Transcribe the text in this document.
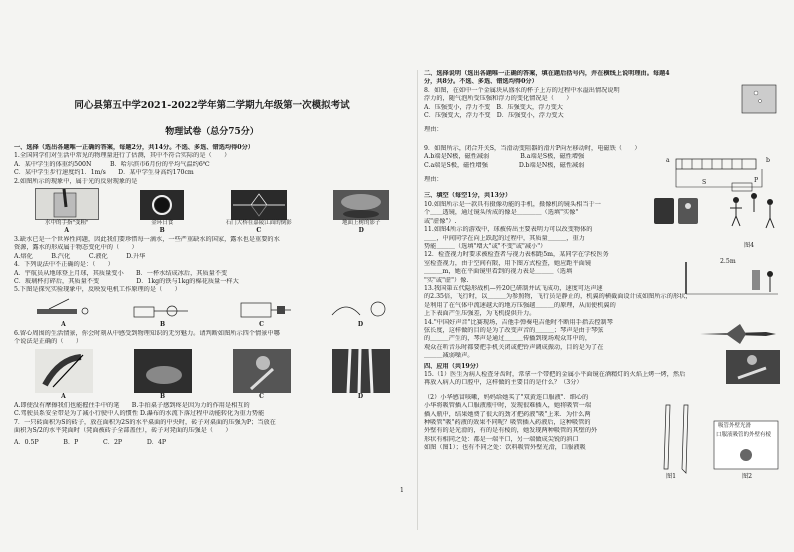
同心县第五中学2021-2022学年第二学期九年级第一次模拟考试
物理试卷（总分75分）
一、选择（选出各题唯一正确的答案，每题2分，共14分。不选、多选、错选均得0分）
1.全国同学们对生活中常见的物理量进行了估测，其中不符合实际的是（　　）
A．某中学生的体重约500N　　　B．哈尔滨市6月份的平均气温约6℃
C．某中学生步行速度约1．1m/s　　D．某中学生身高约170cm
2.如图所示的现象中，属于光的反射现象的是
水中的手指"变粗"
A
金环日食
B
石门大桥在嘉陵江面的倒影
C
地面上树的影子
D
3.缺水已是一个世界性问题，因此我们要珍惜每一滴水，一些严重缺水的国家，露水也是重要的水
资源，露水的形成属于物态变化中的（　　）
A.熔化　　　B.汽化　　　C.液化　　　D.升华
4．下列说法中不正确的是：（　　）
A．宇航员从地球登上月球，其质量变小　　B．一杯水结成冰后，其质量不变
C．玻璃杯打碎后，其质量不变　　　　　　D．1kg的铁与1kg的棉花质量一样大
5.下图是探究实验现象中，反映发电机工作原理的是（　　）
A	B	C	D
6.留心周围的生活情景，你会时刻从中感受到物理知识的无穷魅力。请判断如图所示四个情景中哪
个说法是正确的（　　）
A	B	C	D
A.即使没有摩擦我们也能握住手中的笔　　B.手拍桌子感到疼是因为力的作用是相互的
C.驾驶员系安全带是为了减小行驶中人的惯性 D.瀑布的水流下落过程中动能转化为重力势能
7．一只砖面积为S的砖子，放在面积为2S的水平桌面的中央时，砖子对桌面的压强为P；当放在
面积为S/2的水平凳面时（凳面被砖子全部盖住），砖子对凳面的压强是（　　）
A．0.5P　　　　B．P　　　　C．2P　　　　D．4P
1
二、选择说明（选出各题唯一正确的答案，填在题后括号内，并在横线上说明理由。每题4
分，共8分。不选、多选、错选均得0分）
8．如图，在如中一个金属块从盛水的杯子上方的过程中水溢出情况说明
浮力的，随气泡所受压强和浮力的变化情况是（　　）
A．压强变小，浮力不变　B．压强变大，浮力变大
C．压强变大，浮力不变　D．压强变小，浮力变大
理由：
9．如图所示，闭合开关S，当滑动变阻器的滑片P向左移动时，电磁铁（　　）
A.b端是N极，磁性减弱　　　　　B.a端是S极，磁性增强
C.a端是S极，磁性增强　　　　　D.b端是N极，磁性减弱
a	b
S	P
理由：
三、填空（每空1分，共13分）
10.如图所示是一款具有摄像功能的手机，摄像机的镜头相当于一
个＿＿透镜，通过镜头所成的像是＿＿＿＿（选填"实像"
或"虚像"）.
11.如图4所示的游戏中，球被传出主要表明力可以改变物体的
＿＿，中间同学在向上跃起的过程中，其质量＿＿＿，重力
势能＿＿＿（选填"增大"或"不变"或"减小"）	图4
12．检查视力时要求被检查者与视力表相距5m，某同学在学校医务
室检查视力，由于空间有限，用下图方式检查，她应距平面镜
＿＿＿m，她在平面镜里看到的视力表是＿＿＿（选填
"实"或"虚"）像.
2.5m
13.我国第五代隐形战机—歼20已研制并试飞成功，速度可达声速
的2.35倍，飞行时，以＿＿＿为参照物，飞行员是静止的，机翼的横截面设计成如图所示的形状，
是利用了在气体中流速越大的地方压强越＿＿＿的原理，从而使机翼的
上下表面产生压强差，为飞机提供升力。
14."中国好声音"比赛现场，吉他手弹奏电吉他时不断用手指去控制琴
弦长度，这样做的目的是为了改变声音的＿＿＿；琴声是由于琴弦
的＿＿＿产生的，琴声是通过＿＿＿传播到现场观众耳中的，
观众在听音乐时都要把手机关闭或把铃声调成振动，目的是为了在
＿＿＿减弱噪声。
四、应用（共19分）
15.（1）医生为病人检查牙齿时，常拿一个带把的金属小平面镜在酒精灯的火焰上烤一烤，然后
再放入病人的口腔中，这样做的主要目的是什么？（3分）
（2）小华感冒咳嗽，妈妈给她买了"双黄连口服液"．细心的
小华将吸管插入口服液瓶中时，发现很难插入，她将吸管一端
插入瓶中，结果她费了很大的劲才把药液"吸"上来．为什么两
种吸管"吸"药液的效果不同呢？吸管插入药液后，这种吸管的
外壁有的是光滑的，有的是有棱的，她发现两种吸管的其壁的外
形状有相同之处：都是一端平口，另一端做成尖锐的斜口
如图（图1）；也有不同之处：饮料吸管外壁光滑，口服液吸
吸管外壁光滑
口服液吸管的外壁有棱
图1	图2
